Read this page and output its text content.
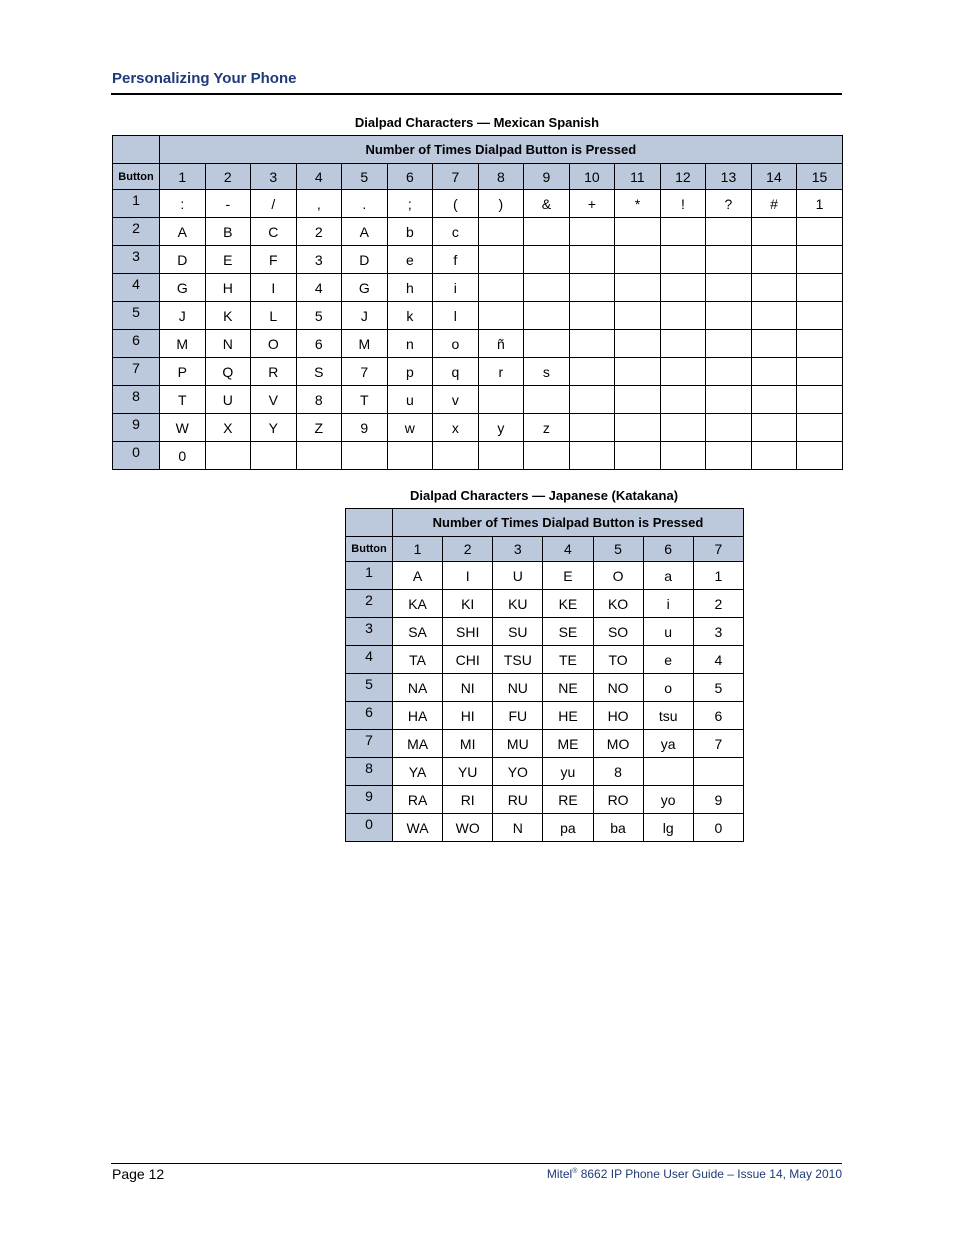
Personalizing Your Phone
Dialpad Characters — Mexican Spanish
	Number of Times Dialpad Button is Pressed														
Button	1	2	3	4	5	6	7	8	9	10	11	12	13	14	15
1	:	-	/	,	.	;	(	)	&	+	*	!	?	#	1
2	A	B	C	2	A	b	c								
3	D	E	F	3	D	e	f								
4	G	H	I	4	G	h	i								
5	J	K	L	5	J	k	l								
6	M	N	O	6	M	n	o	ñ							
7	P	Q	R	S	7	p	q	r	s						
8	T	U	V	8	T	u	v								
9	W	X	Y	Z	9	w	x	y	z						
0	0														
Dialpad Characters — Japanese (Katakana)
	Number of Times Dialpad Button is Pressed						
Button	1	2	3	4	5	6	7
1	A	I	U	E	O	a	1
2	KA	KI	KU	KE	KO	i	2
3	SA	SHI	SU	SE	SO	u	3
4	TA	CHI	TSU	TE	TO	e	4
5	NA	NI	NU	NE	NO	o	5
6	HA	HI	FU	HE	HO	tsu	6
7	MA	MI	MU	ME	MO	ya	7
8	YA	YU	YO	yu	8		
9	RA	RI	RU	RE	RO	yo	9
0	WA	WO	N	pa	ba	lg	0
Page 12	Mitel® 8662 IP Phone User Guide – Issue 14, May 2010
